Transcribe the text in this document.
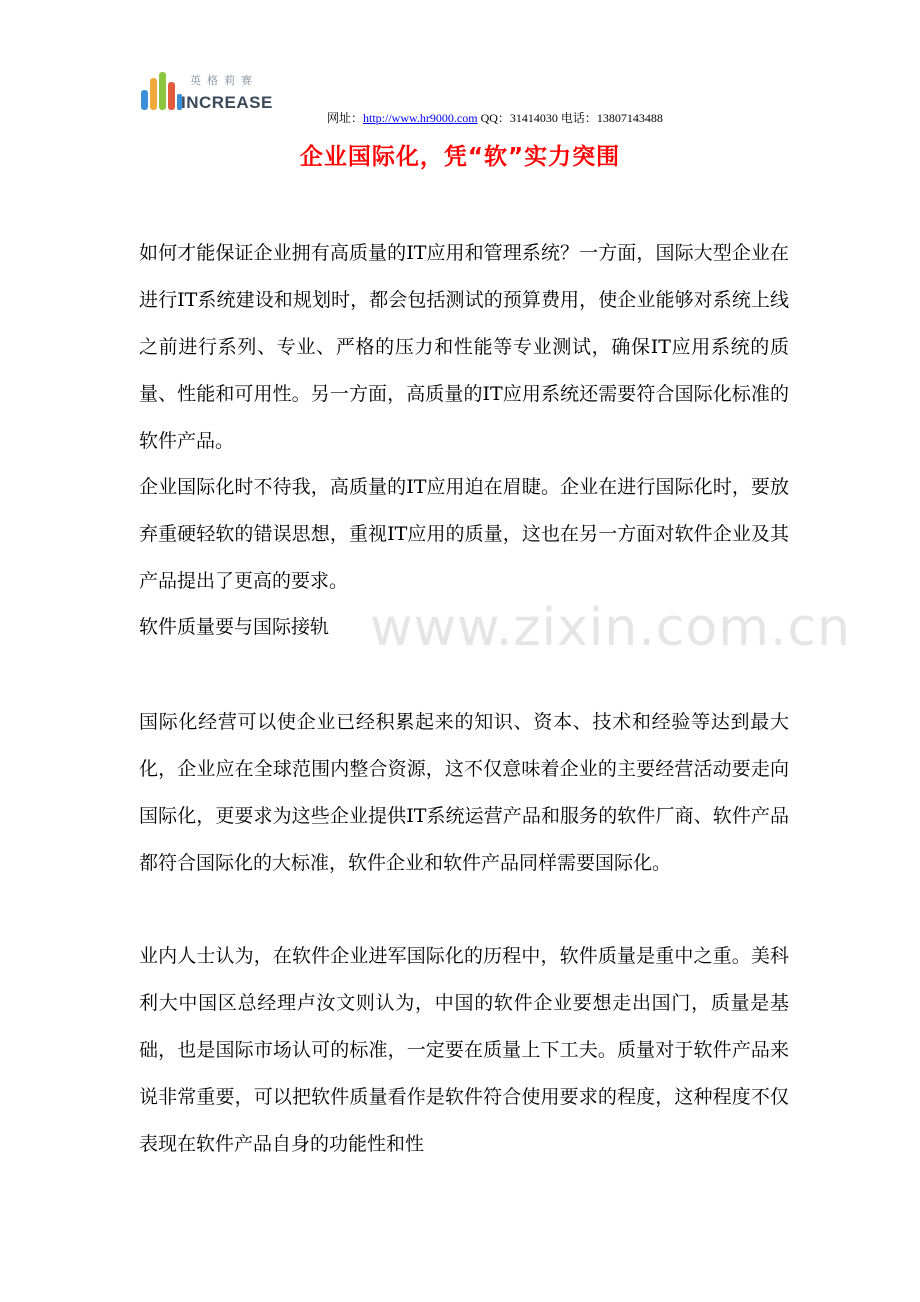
英格莉赛
INCREASE
网址：http://www.hr9000.com QQ：31414030 电话：13807143488
企业国际化，凭“软”实力突围
www.zixin.com.cn

如何才能保证企业拥有高质量的IT应用和管理系统？一方面，国际大型企业在进行IT系统建设和规划时，都会包括测试的预算费用，使企业能够对系统上线之前进行系列、专业、严格的压力和性能等专业测试，确保IT应用系统的质量、性能和可用性。另一方面，高质量的IT应用系统还需要符合国际化标准的软件产品。

企业国际化时不待我，高质量的IT应用迫在眉睫。企业在进行国际化时，要放弃重硬轻软的错误思想，重视IT应用的质量，这也在另一方面对软件企业及其产品提出了更高的要求。

软件质量要与国际接轨

国际化经营可以使企业已经积累起来的知识、资本、技术和经验等达到最大化，企业应在全球范围内整合资源，这不仅意味着企业的主要经营活动要走向国际化，更要求为这些企业提供IT系统运营产品和服务的软件厂商、软件产品都符合国际化的大标准，软件企业和软件产品同样需要国际化。

业内人士认为，在软件企业进军国际化的历程中，软件质量是重中之重。美科利大中国区总经理卢汝文则认为，中国的软件企业要想走出国门，质量是基础，也是国际市场认可的标准，一定要在质量上下工夫。质量对于软件产品来说非常重要，可以把软件质量看作是软件符合使用要求的程度，这种程度不仅表现在软件产品自身的功能性和性
